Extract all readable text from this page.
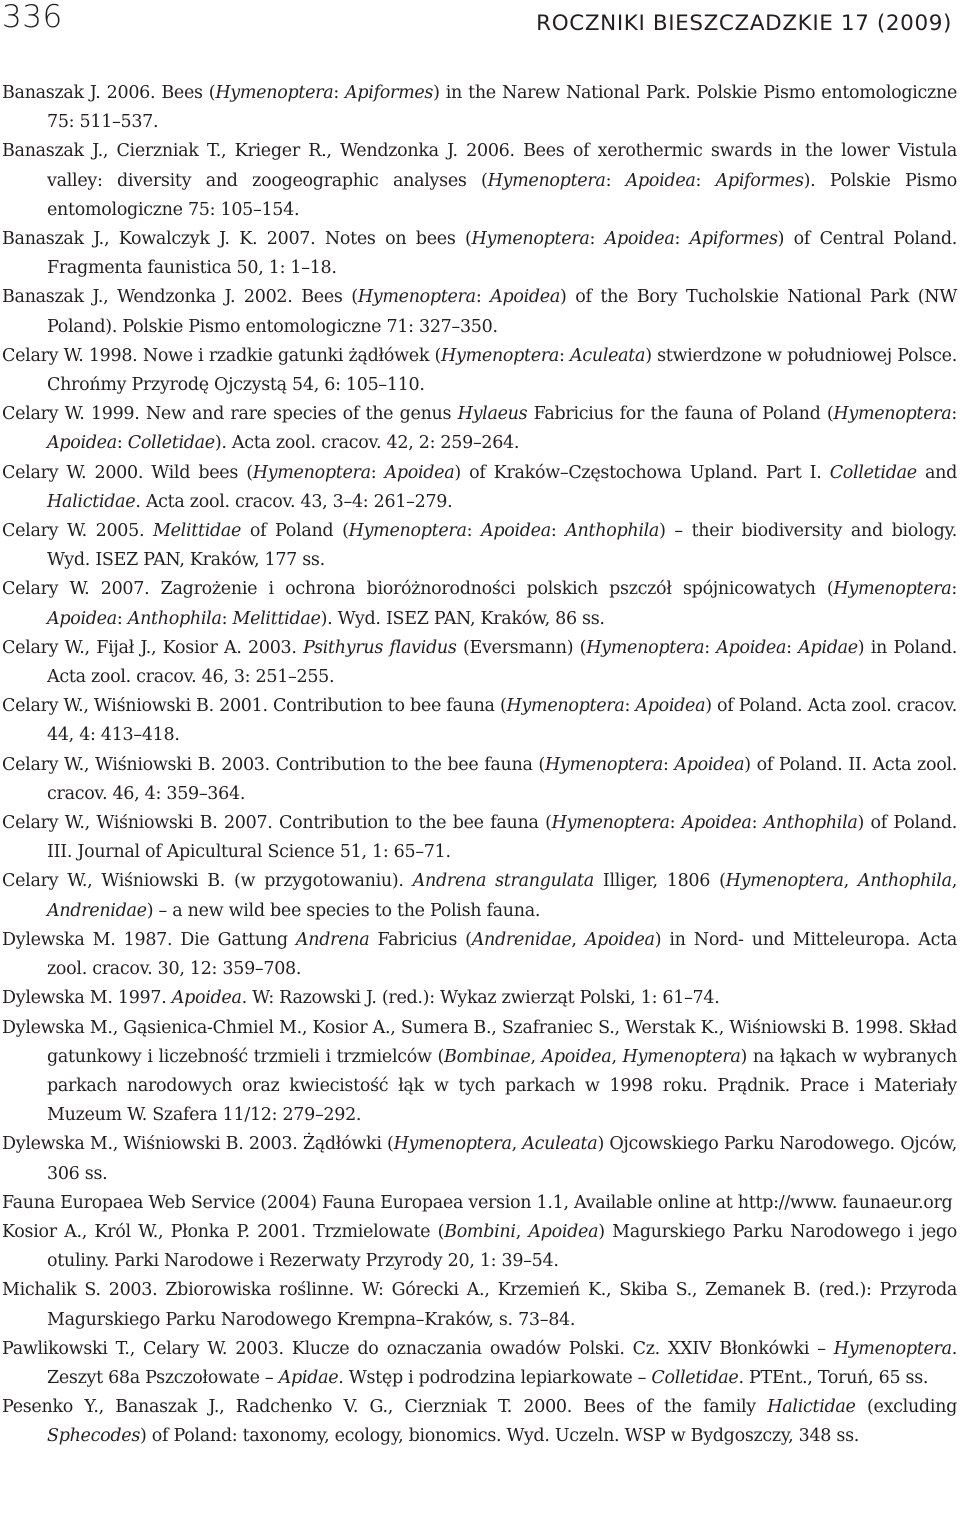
336	ROCZNIKI BIESZCZADZKIE 17 (2009)

Banaszak J. 2006. Bees (Hymenoptera: Apiformes) in the Narew National Park. Polskie Pismo entomologiczne 75: 511–537.

Banaszak J., Cierzniak T., Krieger R., Wendzonka J. 2006. Bees of xerothermic swards in the lower Vistula valley: diversity and zoogeographic analyses (Hymenoptera: Apoidea: Apiformes). Polskie Pismo entomologiczne 75: 105–154.

Banaszak J., Kowalczyk J. K. 2007. Notes on bees (Hymenoptera: Apoidea: Apiformes) of Central Poland. Fragmenta faunistica 50, 1: 1–18.

Banaszak J., Wendzonka J. 2002. Bees (Hymenoptera: Apoidea) of the Bory Tucholskie National Park (NW Poland). Polskie Pismo entomologiczne 71: 327–350.

Celary W. 1998. Nowe i rzadkie gatunki żądłówek (Hymenoptera: Aculeata) stwierdzone w południowej Polsce. Chrońmy Przyrodę Ojczystą 54, 6: 105–110.

Celary W. 1999. New and rare species of the genus Hylaeus Fabricius for the fauna of Poland (Hymenoptera: Apoidea: Colletidae). Acta zool. cracov. 42, 2: 259–264.

Celary W. 2000. Wild bees (Hymenoptera: Apoidea) of Kraków–Częstochowa Upland. Part I. Colletidae and Halictidae. Acta zool. cracov. 43, 3–4: 261–279.

Celary W. 2005. Melittidae of Poland (Hymenoptera: Apoidea: Anthophila) – their biodiversity and biology. Wyd. ISEZ PAN, Kraków, 177 ss.

Celary W. 2007. Zagrożenie i ochrona bioróżnorodności polskich pszczół spójnicowatych (Hymenoptera: Apoidea: Anthophila: Melittidae). Wyd. ISEZ PAN, Kraków, 86 ss.

Celary W., Fijał J., Kosior A. 2003. Psithyrus flavidus (Eversmann) (Hymenoptera: Apoidea: Apidae) in Poland. Acta zool. cracov. 46, 3: 251–255.

Celary W., Wiśniowski B. 2001. Contribution to bee fauna (Hymenoptera: Apoidea) of Poland. Acta zool. cracov. 44, 4: 413–418.

Celary W., Wiśniowski B. 2003. Contribution to the bee fauna (Hymenoptera: Apoidea) of Poland. II. Acta zool. cracov. 46, 4: 359–364.

Celary W., Wiśniowski B. 2007. Contribution to the bee fauna (Hymenoptera: Apoidea: Anthophila) of Poland. III. Journal of Apicultural Science 51, 1: 65–71.

Celary W., Wiśniowski B. (w przygotowaniu). Andrena strangulata Illiger, 1806 (Hymenoptera, Anthophila, Andrenidae) – a new wild bee species to the Polish fauna.

Dylewska M. 1987. Die Gattung Andrena Fabricius (Andrenidae, Apoidea) in Nord- und Mitteleuropa. Acta zool. cracov. 30, 12: 359–708.

Dylewska M. 1997. Apoidea. W: Razowski J. (red.): Wykaz zwierząt Polski, 1: 61–74.

Dylewska M., Gąsienica-Chmiel M., Kosior A., Sumera B., Szafraniec S., Werstak K., Wiśniowski B. 1998. Skład gatunkowy i liczebność trzmieli i trzmielców (Bombinae, Apoidea, Hymenoptera) na łąkach w wybranych parkach narodowych oraz kwiecistość łąk w tych parkach w 1998 roku. Prądnik. Prace i Materiały Muzeum W. Szafera 11/12: 279–292.

Dylewska M., Wiśniowski B. 2003. Żądłówki (Hymenoptera, Aculeata) Ojcowskiego Parku Narodowego. Ojców, 306 ss.

Fauna Europaea Web Service (2004) Fauna Europaea version 1.1, Available online at http://www. faunaeur.org

Kosior A., Król W., Płonka P. 2001. Trzmielowate (Bombini, Apoidea) Magurskiego Parku Narodowego i jego otuliny. Parki Narodowe i Rezerwaty Przyrody 20, 1: 39–54.

Michalik S. 2003. Zbiorowiska roślinne. W: Górecki A., Krzemień K., Skiba S., Zemanek B. (red.): Przyroda Magurskiego Parku Narodowego Krempna–Kraków, s. 73–84.

Pawlikowski T., Celary W. 2003. Klucze do oznaczania owadów Polski. Cz. XXIV Błonkówki – Hymenoptera. Zeszyt 68a Pszczołowate – Apidae. Wstęp i podrodzina lepiarkowate – Colletidae. PTEnt., Toruń, 65 ss.

Pesenko Y., Banaszak J., Radchenko V. G., Cierzniak T. 2000. Bees of the family Halictidae (excluding Sphecodes) of Poland: taxonomy, ecology, bionomics. Wyd. Uczeln. WSP w Bydgoszczy, 348 ss.
